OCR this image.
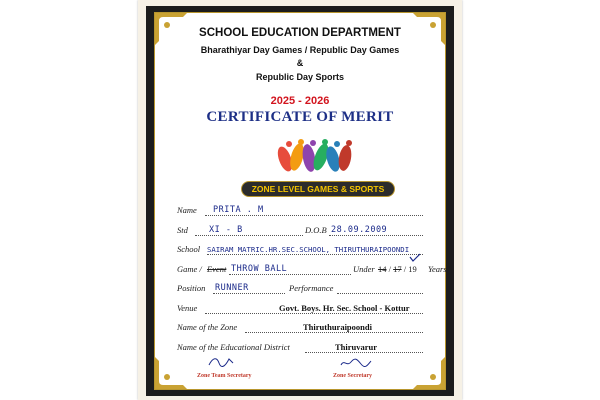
SCHOOL EDUCATION DEPARTMENT
Bharathiyar Day Games / Republic Day Games
&
Republic Day Sports
2025 - 2026
CERTIFICATE OF MERIT
ZONE LEVEL GAMES & SPORTS
Name PRITA . M
Std XI - B	D.O.B 28.09.2009
School SAIRAM MATRIC.HR.SEC.SCHOOL, THIRUTHURAIPOONDI
Game / Event THROW BALL	Under 14 / 17 / 19 Years
Position RUNNER	Performance
Venue	Govt. Boys. Hr. Sec. School - Kottur
Name of the Zone	Thiruthuraipoondi
Name of the Educational District	Thiruvarur
Zone Team Secretary	Zone Secretary
